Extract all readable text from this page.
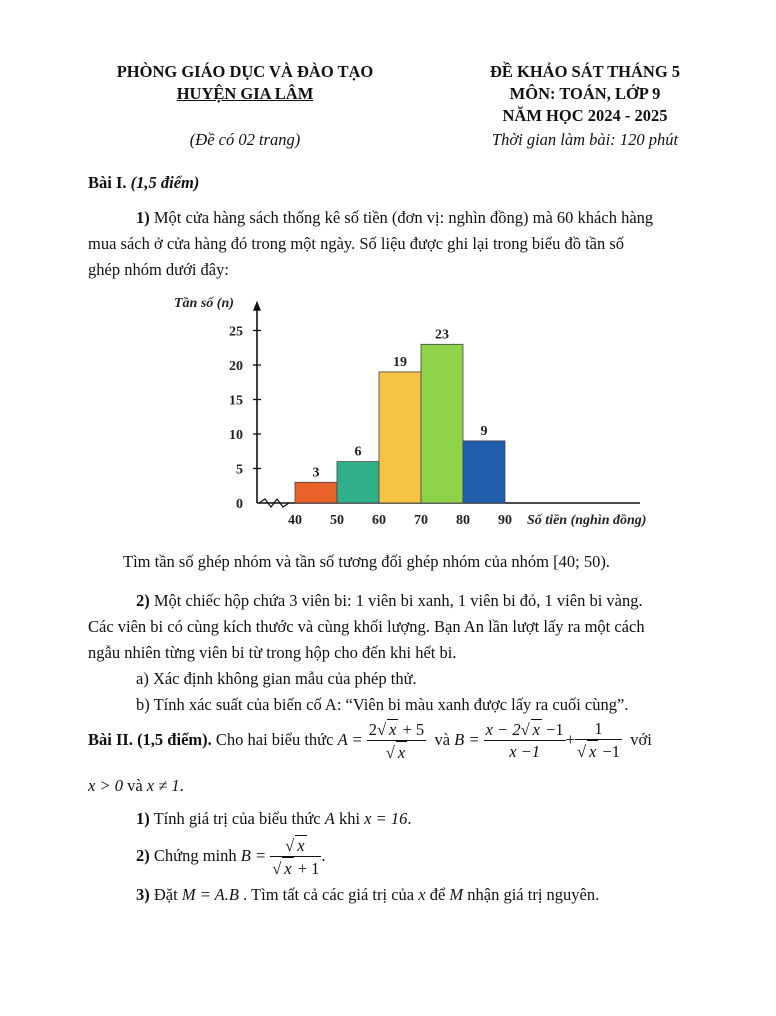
PHÒNG GIÁO DỤC VÀ ĐÀO TẠO
HUYỆN GIA LÂM
(Đề có 02 trang)
ĐỀ KHẢO SÁT THÁNG 5
MÔN: TOÁN, LỚP 9
NĂM HỌC 2024 - 2025
Thời gian làm bài: 120 phút
Bài I. (1,5 điểm)
1) Một cửa hàng sách thống kê số tiền (đơn vị: nghìn đồng) mà 60 khách hàng
mua sách ở cửa hàng đó trong một ngày. Số liệu được ghi lại trong biểu đồ tần số
ghép nhóm dưới đây:
0
5
10
15
20
25
40 50 60 70 80 90
3
6
19
23
9
Tần số (n)
Số tiền (nghìn đồng)
Tìm tần số ghép nhóm và tần số tương đối ghép nhóm của nhóm [40; 50).
2) Một chiếc hộp chứa 3 viên bi: 1 viên bi xanh, 1 viên bi đỏ, 1 viên bi vàng.
Các viên bi có cùng kích thước và cùng khối lượng. Bạn An lần lượt lấy ra một cách
ngẫu nhiên từng viên bi từ trong hộp cho đến khi hết bi.
a) Xác định không gian mẫu của phép thử.
b) Tính xác suất của biến cố A: “Viên bi màu xanh được lấy ra cuối cùng”.
Bài II. (1,5 điểm). Cho hai biểu thức $A = \frac{2√ x + 5}{√ x}$ và $B = \frac{x - 2√ x -1}{x -1} + \frac{1}{√ x -1}$ với
x > 0 và x ≠ 1.
1) Tính giá trị của biểu thức A khi x = 16.
2) Chứng minh $B = \frac{√ x}{√ x + 1}$ .
3) Đặt M = A.B . Tìm tất cả các giá trị của x để M nhận giá trị nguyên.
